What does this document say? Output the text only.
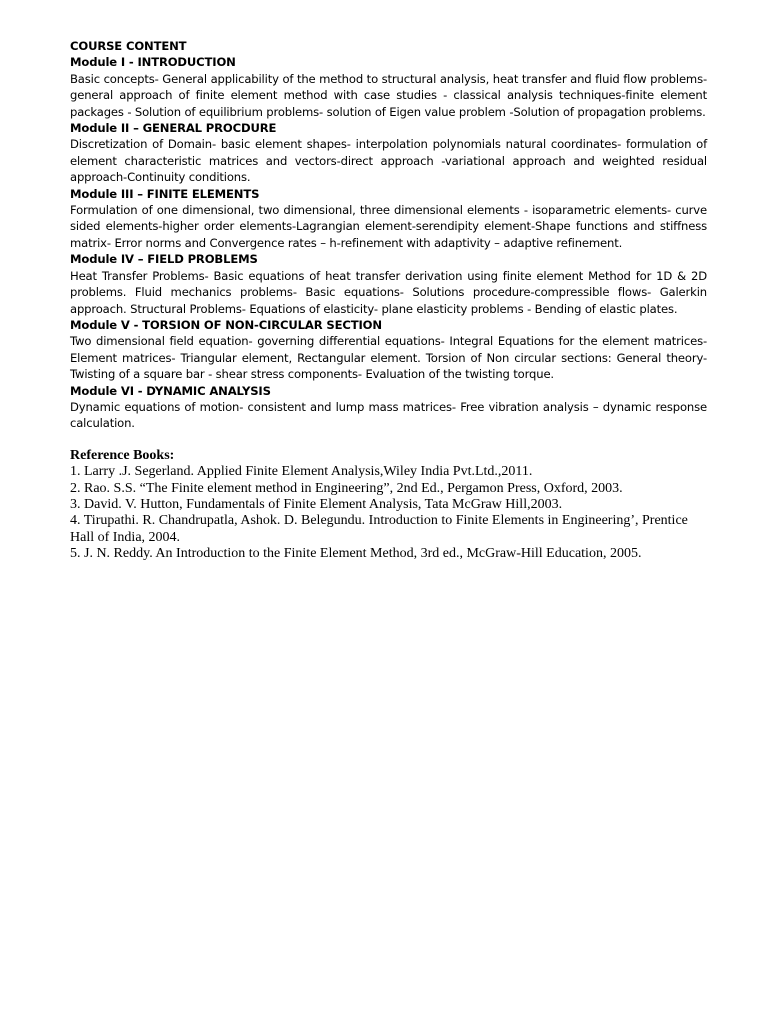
COURSE CONTENT

Module I - INTRODUCTION

Basic concepts- General applicability of the method to structural analysis, heat transfer and fluid flow problems- general approach of finite element method with case studies - classical analysis techniques-finite element packages - Solution of equilibrium problems- solution of Eigen value problem -Solution of propagation problems.

Module II – GENERAL PROCDURE

Discretization of Domain- basic element shapes- interpolation polynomials natural coordinates- formulation of element characteristic matrices and vectors-direct approach -variational approach and weighted residual approach-Continuity conditions.

Module III – FINITE ELEMENTS

Formulation of one dimensional, two dimensional, three dimensional elements - isoparametric elements- curve sided elements-higher order elements-Lagrangian element-serendipity element-Shape functions and stiffness matrix- Error norms and Convergence rates – h-refinement with adaptivity – adaptive refinement.

Module IV – FIELD PROBLEMS

Heat Transfer Problems- Basic equations of heat transfer derivation using finite element Method for 1D & 2D problems. Fluid mechanics problems- Basic equations- Solutions procedure-compressible flows- Galerkin approach. Structural Problems- Equations of elasticity- plane elasticity problems - Bending of elastic plates.

Module V - TORSION OF NON-CIRCULAR SECTION

Two dimensional field equation- governing differential equations- Integral Equations for the element matrices- Element matrices- Triangular element, Rectangular element. Torsion of Non circular sections: General theory- Twisting of a square bar - shear stress components- Evaluation of the twisting torque.

Module VI - DYNAMIC ANALYSIS

Dynamic equations of motion- consistent and lump mass matrices- Free vibration analysis – dynamic response calculation.

Reference Books:

1. Larry .J. Segerland. Applied Finite Element Analysis,Wiley India Pvt.Ltd.,2011.
2. Rao. S.S. “The Finite element method in Engineering”, 2nd Ed., Pergamon Press, Oxford, 2003.
3. David. V. Hutton, Fundamentals of Finite Element Analysis, Tata McGraw Hill,2003.
4. Tirupathi. R. Chandrupatla, Ashok. D. Belegundu. Introduction to Finite Elements in Engineering’, Prentice Hall of India, 2004.
5. J. N. Reddy. An Introduction to the Finite Element Method, 3rd ed., McGraw-Hill Education, 2005.
